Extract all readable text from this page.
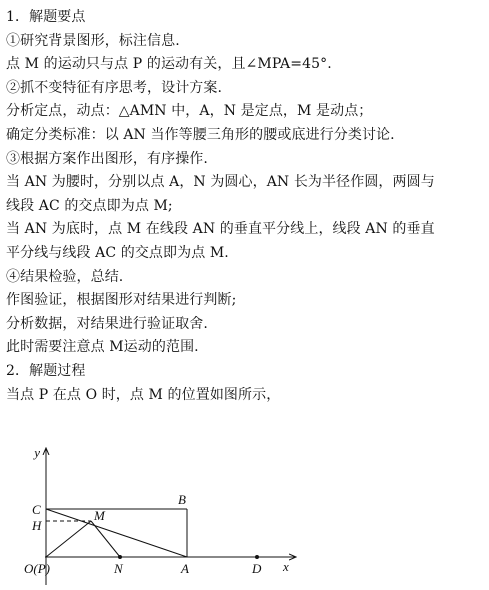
1．解题要点
①研究背景图形，标注信息.
点 M 的运动只与点 P 的运动有关，且∠MPA=45°.
②抓不变特征有序思考，设计方案.
分析定点，动点：△AMN 中，A，N 是定点，M 是动点；
确定分类标准：以 AN 当作等腰三角形的腰或底进行分类讨论.
③根据方案作出图形，有序操作.
当 AN 为腰时，分别以点 A，N 为圆心，AN 长为半径作圆，两圆与
线段 AC 的交点即为点 M;
当 AN 为底时，点 M 在线段 AN 的垂直平分线上，线段 AN 的垂直
平分线与线段 AC 的交点即为点 M.
④结果检验，总结.
作图验证，根据图形对结果进行判断;
分析数据，对结果进行验证取舍.
此时需要注意点 M运动的范围.
2．解题过程
当点 P 在点 O 时，点 M 的位置如图所示，
y
x
C
H
M
B
O(P)	N	A	D
